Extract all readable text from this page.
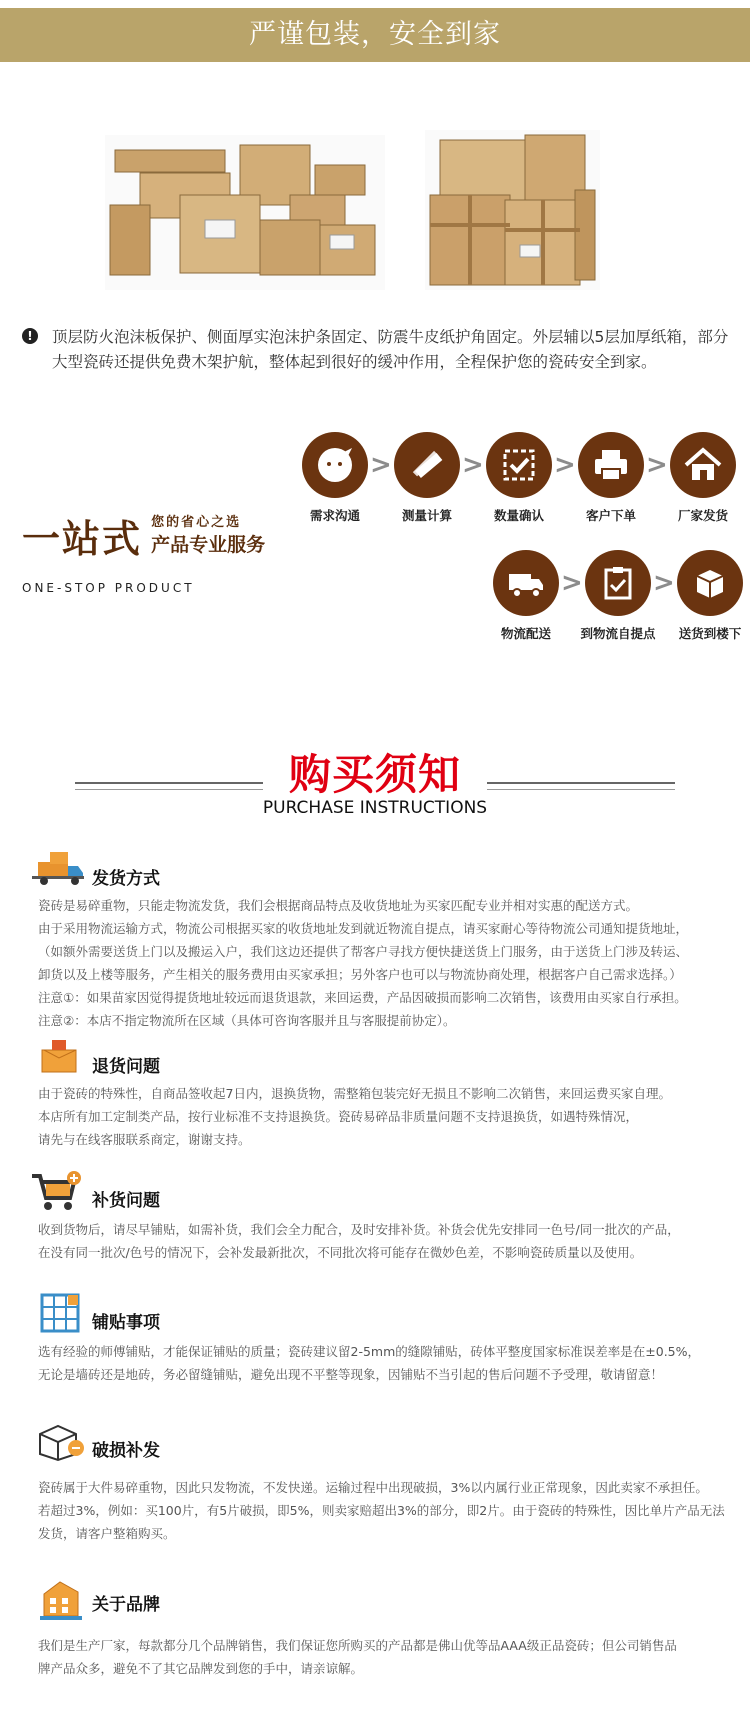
严谨包装，安全到家
!	顶层防火泡沫板保护、侧面厚实泡沫护条固定、防震牛皮纸护角固定。外层辅以5层加厚纸箱，部分大型瓷砖还提供免费木架护航，整体起到很好的缓冲作用，全程保护您的瓷砖安全到家。
一站式 您的省心之选
产品专业服务
ONE-STOP PRODUCT
需求沟通
>
测量计算
>
数量确认
>
客户下单
>
厂家发货
物流配送
>
到物流自提点
>
送货到楼下
购买须知
PURCHASE INSTRUCTIONS
发货方式
瓷砖是易碎重物，只能走物流发货，我们会根据商品特点及收货地址为买家匹配专业并相对实惠的配送方式。
由于采用物流运输方式，物流公司根据买家的收货地址发到就近物流自提点，请买家耐心等待物流公司通知提货地址，
（如额外需要送货上门以及搬运入户，我们这边还提供了帮客户寻找方便快捷送货上门服务，由于送货上门涉及转运、
卸货以及上楼等服务，产生相关的服务费用由买家承担；另外客户也可以与物流协商处理，根据客户自己需求选择。）
注意①：如果苗家因觉得提货地址较远而退货退款，来回运费，产品因破损而影响二次销售，该费用由买家自行承担。
注意②：本店不指定物流所在区域（具体可咨询客服并且与客服提前协定）。
退货问题
由于瓷砖的特殊性，自商品签收起7日内，退换货物，需整箱包装完好无损且不影响二次销售，来回运费买家自理。
本店所有加工定制类产品，按行业标准不支持退换货。瓷砖易碎品非质量问题不支持退换货，如遇特殊情况，
请先与在线客服联系商定，谢谢支持。
补货问题
收到货物后，请尽早铺贴，如需补货，我们会全力配合，及时安排补货。补货会优先安排同一色号/同一批次的产品，
在没有同一批次/色号的情况下，会补发最新批次，不同批次将可能存在微妙色差，不影响瓷砖质量以及使用。
铺贴事项
选有经验的师傅铺贴，才能保证铺贴的质量；瓷砖建议留2-5mm的缝隙铺贴，砖体平整度国家标准误差率是在±0.5%，
无论是墙砖还是地砖，务必留缝铺贴，避免出现不平整等现象，因铺贴不当引起的售后问题不予受理，敬请留意！
破损补发
瓷砖属于大件易碎重物，因此只发物流，不发快递。运输过程中出现破损，3%以内属行业正常现象，因此卖家不承担任。
若超过3%，例如：买100片，有5片破损，即5%，则卖家赔超出3%的部分，即2片。由于瓷砖的特殊性，因比单片产品无法
发货，请客户整箱购买。
关于品牌
我们是生产厂家，每款都分几个品牌销售，我们保证您所购买的产品都是佛山优等品AAA级正品瓷砖；但公司销售品
牌产品众多，避免不了其它品牌发到您的手中，请亲谅解。
